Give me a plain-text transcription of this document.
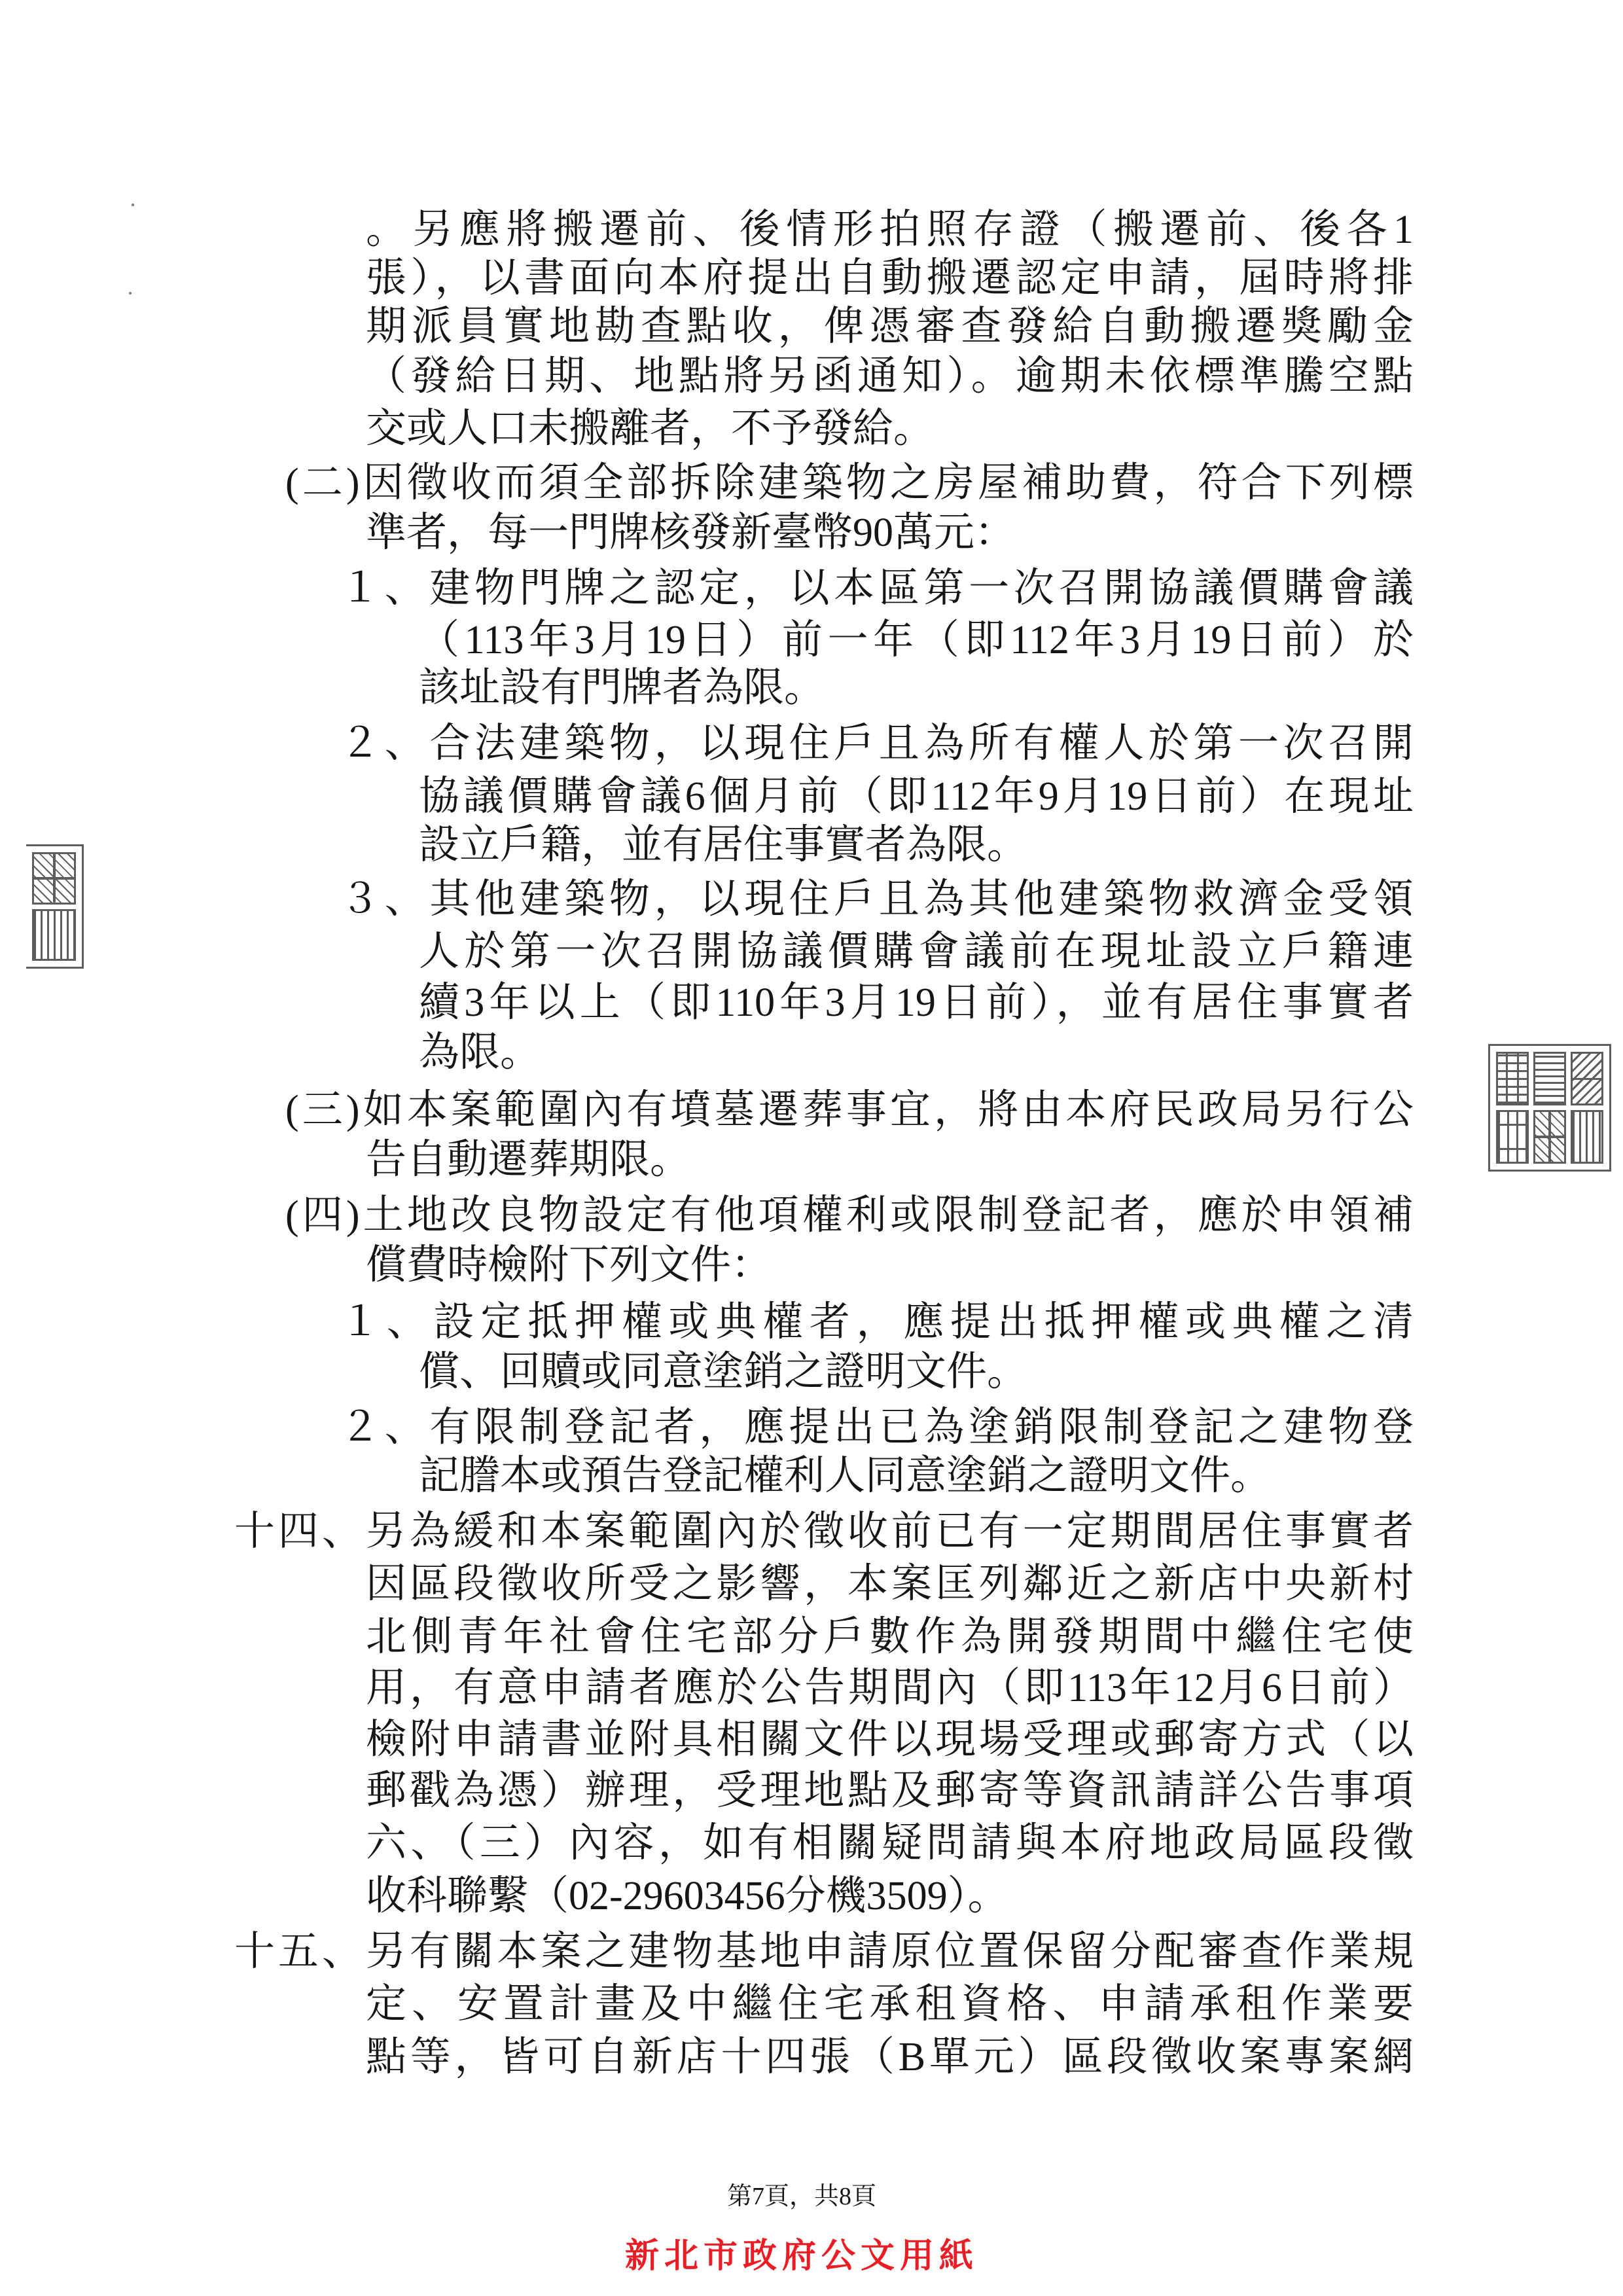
。另應將搬遷前、後情形拍照存證（搬遷前、後各1
張），以書面向本府提出自動搬遷認定申請，屆時將排
期派員實地勘查點收，俾憑審查發給自動搬遷獎勵金
（發給日期、地點將另函通知）。逾期未依標準騰空點
交或人口未搬離者，不予發給。
(二)因徵收而須全部拆除建築物之房屋補助費，符合下列標
準者，每一門牌核發新臺幣90萬元：
１、建物門牌之認定，以本區第一次召開協議價購會議
（113年3月19日）前一年（即112年3月19日前）於
該址設有門牌者為限。
２、合法建築物，以現住戶且為所有權人於第一次召開
協議價購會議6個月前（即112年9月19日前）在現址
設立戶籍，並有居住事實者為限。
３、其他建築物，以現住戶且為其他建築物救濟金受領
人於第一次召開協議價購會議前在現址設立戶籍連
續3年以上（即110年3月19日前），並有居住事實者
為限。
(三)如本案範圍內有墳墓遷葬事宜，將由本府民政局另行公
告自動遷葬期限。
(四)土地改良物設定有他項權利或限制登記者，應於申領補
償費時檢附下列文件：
１、設定抵押權或典權者，應提出抵押權或典權之清
償、回贖或同意塗銷之證明文件。
２、有限制登記者，應提出已為塗銷限制登記之建物登
記謄本或預告登記權利人同意塗銷之證明文件。
十四、另為緩和本案範圍內於徵收前已有一定期間居住事實者
因區段徵收所受之影響，本案匡列鄰近之新店中央新村
北側青年社會住宅部分戶數作為開發期間中繼住宅使
用，有意申請者應於公告期間內（即113年12月6日前）
檢附申請書並附具相關文件以現場受理或郵寄方式（以
郵戳為憑）辦理，受理地點及郵寄等資訊請詳公告事項
六、（三）內容，如有相關疑問請與本府地政局區段徵
收科聯繫（02-29603456分機3509）。
十五、另有關本案之建物基地申請原位置保留分配審查作業規
定、安置計畫及中繼住宅承租資格、申請承租作業要
點等，皆可自新店十四張（B單元）區段徵收案專案網
第7頁，共8頁
新北市政府公文用紙
